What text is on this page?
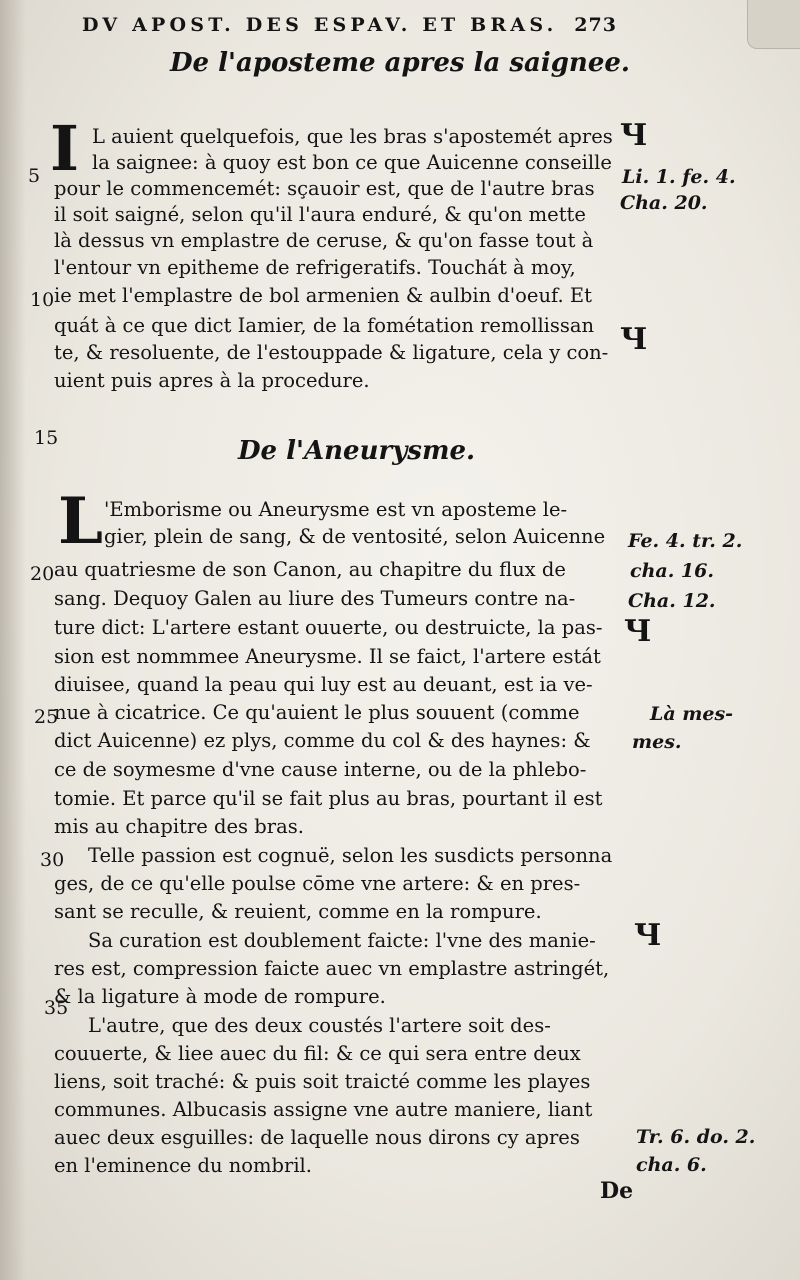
DV APOST. DES ESPAV. ET BRAS. 273
De l'aposteme apres la saignee.
I L auient quelquefois, que les bras s'apostemét apres
la saignee: à quoy est bon ce que Auicenne conseille
pour le commencemét: sçauoir est, que de l'autre bras
il soit saigné, selon qu'il l'aura enduré, & qu'on mette
là dessus vn emplastre de ceruse, & qu'on fasse tout à
l'entour vn epitheme de refrigeratifs. Touchát à moy,
ie met l'emplastre de bol armenien & aulbin d'oeuf. Et
quát à ce que dict Iamier, de la fométation remollissan
te, & resoluente, de l'estouppade & ligature, cela y con-
uient puis apres à la procedure.
De l'Aneurysme.
L 'Emborisme ou Aneurysme est vn aposteme le-
gier, plein de sang, & de ventosité, selon Auicenne
au quatriesme de son Canon, au chapitre du flux de
sang. Dequoy Galen au liure des Tumeurs contre na-
ture dict: L'artere estant ouuerte, ou destruicte, la pas-
sion est nommmee Aneurysme. Il se faict, l'artere estát
diuisee, quand la peau qui luy est au deuant, est ia ve-
nue à cicatrice. Ce qu'auient le plus souuent (comme
dict Auicenne) ez plys, comme du col & des haynes: &
ce de soymesme d'vne cause interne, ou de la phlebo-
tomie. Et parce qu'il se fait plus au bras, pourtant il est
mis au chapitre des bras.
Telle passion est cognuë, selon les susdicts personna
ges, de ce qu'elle poulse cōme vne artere: & en pres-
sant se reculle, & reuient, comme en la rompure.
Sa curation est doublement faicte: l'vne des manie-
res est, compression faicte auec vn emplastre astringét,
& la ligature à mode de rompure.
L'autre, que des deux coustés l'artere soit des-
couuerte, & liee auec du fil: & ce qui sera entre deux
liens, soit traché: & puis soit traicté comme les playes
communes. Albucasis assigne vne autre maniere, liant
auec deux esguilles: de laquelle nous dirons cy apres
en l'eminence du nombril.
5
10
15
20
25
30
35
Li. 1. fe. 4.
Cha. 20.
Fe. 4. tr. 2.
cha. 16.
Cha. 12.
Là mes-
mes.
Tr. 6. do. 2.
cha. 6.
Ч
Ч
Ч
Ч
De
